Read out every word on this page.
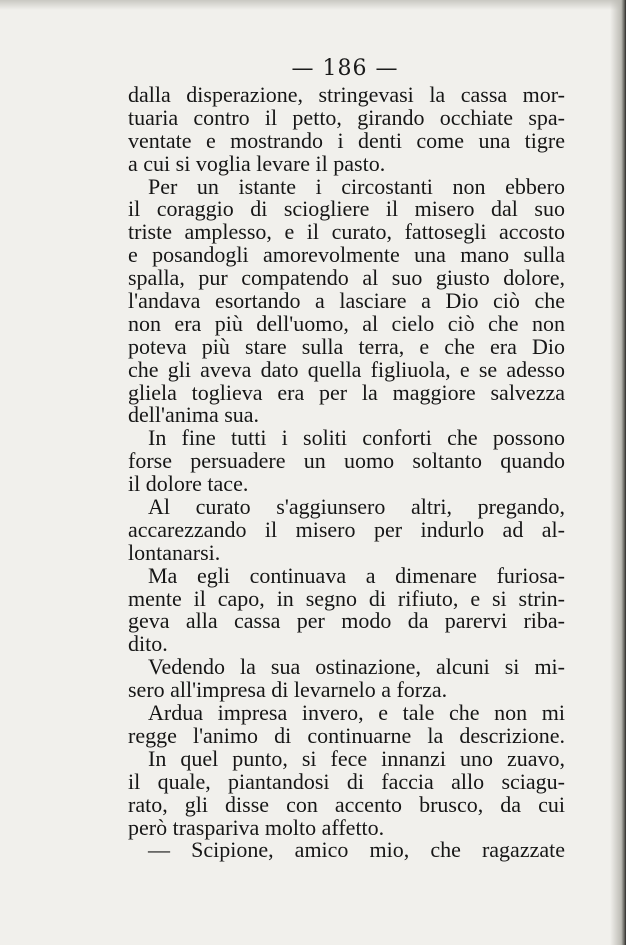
— 186 —
dalla disperazione, stringevasi la cassa mor-
tuaria contro il petto, girando occhiate spa-
ventate e mostrando i denti come una tigre
a cui si voglia levare il pasto.
Per un istante i circostanti non ebbero
il coraggio di sciogliere il misero dal suo
triste amplesso, e il curato, fattosegli accosto
e posandogli amorevolmente una mano sulla
spalla, pur compatendo al suo giusto dolore,
l'andava esortando a lasciare a Dio ciò che
non era più dell'uomo, al cielo ciò che non
poteva più stare sulla terra, e che era Dio
che gli aveva dato quella figliuola, e se adesso
gliela toglieva era per la maggiore salvezza
dell'anima sua.
In fine tutti i soliti conforti che possono
forse persuadere un uomo soltanto quando
il dolore tace.
Al curato s'aggiunsero altri, pregando,
accarezzando il misero per indurlo ad al-
lontanarsi.
Ma egli continuava a dimenare furiosa-
mente il capo, in segno di rifiuto, e si strin-
geva alla cassa per modo da parervi riba-
dito.
Vedendo la sua ostinazione, alcuni si mi-
sero all'impresa di levarnelo a forza.
Ardua impresa invero, e tale che non mi
regge l'animo di continuarne la descrizione.
In quel punto, si fece innanzi uno zuavo,
il quale, piantandosi di faccia allo sciagu-
rato, gli disse con accento brusco, da cui
però traspariva molto affetto.
— Scipione, amico mio, che ragazzate
